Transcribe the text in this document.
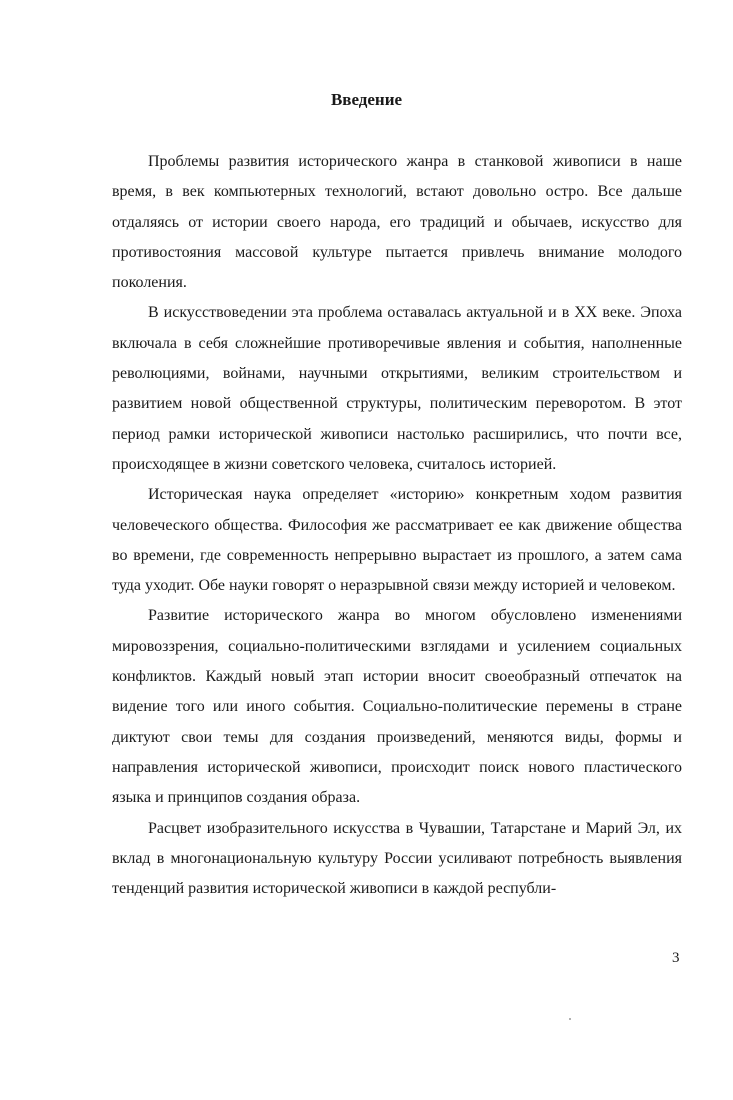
Введение

Проблемы развития исторического жанра в станковой живописи в наше время, в век компьютерных технологий, встают довольно остро. Все дальше отдаляясь от истории своего народа, его традиций и обычаев, искусство для противостояния массовой культуре пытается привлечь внимание молодого поколения.

В искусствоведении эта проблема оставалась актуальной и в XX веке. Эпоха включала в себя сложнейшие противоречивые явления и события, наполненные революциями, войнами, научными открытиями, великим строительством и развитием новой общественной структуры, политическим переворотом. В этот период рамки исторической живописи настолько расширились, что почти все, происходящее в жизни советского человека, считалось историей.

Историческая наука определяет «историю» конкретным ходом развития человеческого общества. Философия же рассматривает ее как движение общества во времени, где современность непрерывно вырастает из прошлого, а затем сама туда уходит. Обе науки говорят о неразрывной связи между историей и человеком.

Развитие исторического жанра во многом обусловлено изменениями мировоззрения, социально-политическими взглядами и усилением социальных конфликтов. Каждый новый этап истории вносит своеобразный отпечаток на видение того или иного события. Социально-политические перемены в стране диктуют свои темы для создания произведений, меняются виды, формы и направления исторической живописи, происходит поиск нового пластического языка и принципов создания образа.

Расцвет изобразительного искусства в Чувашии, Татарстане и Марий Эл, их вклад в многонациональную культуру России усиливают потребность выявления тенденций развития исторической живописи в каждой республи-

3
